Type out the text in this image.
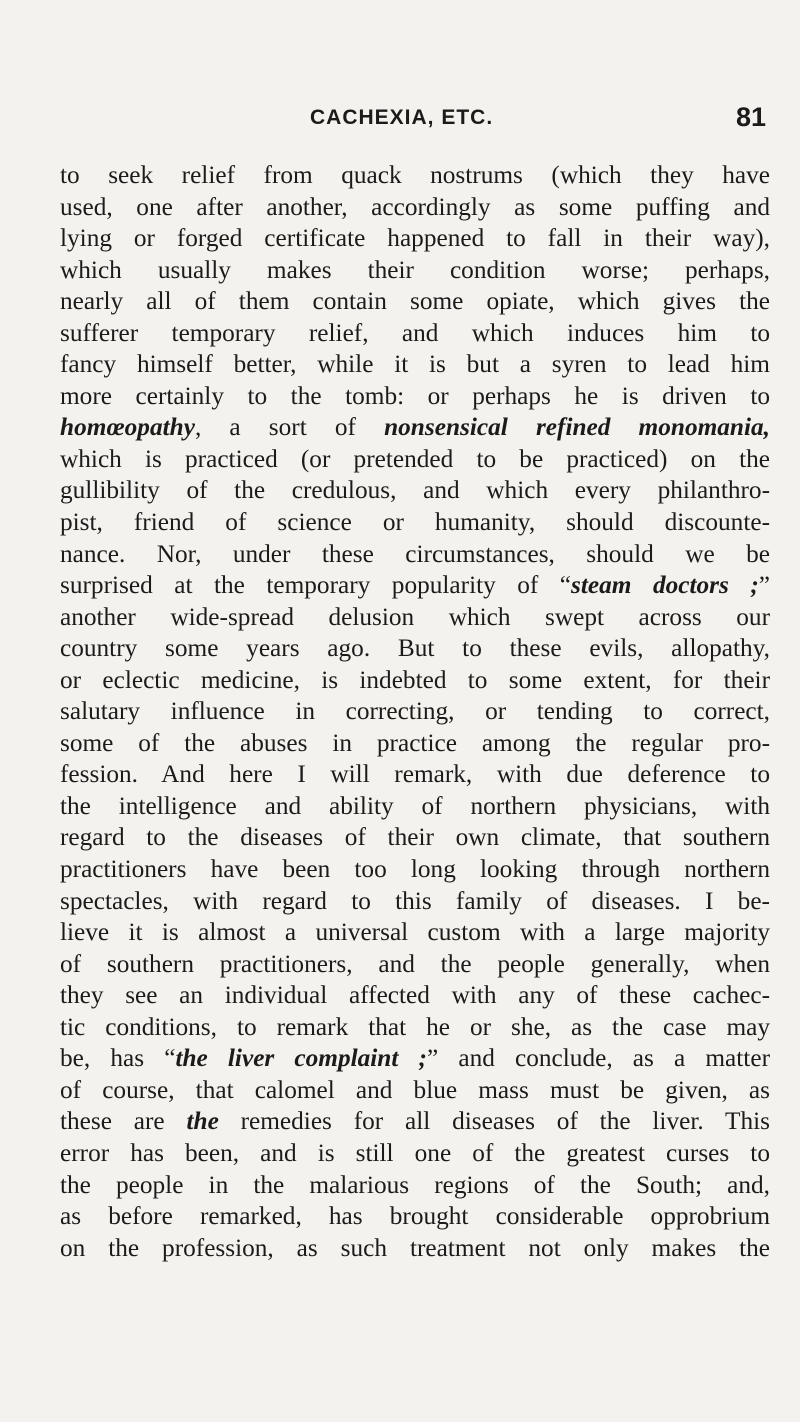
CACHEXIA, ETC.	81
to seek relief from quack nostrums (which they have
used, one after another, accordingly as some puffing and
lying or forged certificate happened to fall in their way),
which usually makes their condition worse; perhaps,
nearly all of them contain some opiate, which gives the
sufferer temporary relief, and which induces him to
fancy himself better, while it is but a syren to lead him
more certainly to the tomb: or perhaps he is driven to
homœopathy, a sort of nonsensical refined monomania,
which is practiced (or pretended to be practiced) on the
gullibility of the credulous, and which every philanthro-
pist, friend of science or humanity, should discounte-
nance. Nor, under these circumstances, should we be
surprised at the temporary popularity of “steam doctors ;”
another wide-spread delusion which swept across our
country some years ago. But to these evils, allopathy,
or eclectic medicine, is indebted to some extent, for their
salutary influence in correcting, or tending to correct,
some of the abuses in practice among the regular pro-
fession. And here I will remark, with due deference to
the intelligence and ability of northern physicians, with
regard to the diseases of their own climate, that southern
practitioners have been too long looking through northern
spectacles, with regard to this family of diseases. I be-
lieve it is almost a universal custom with a large majority
of southern practitioners, and the people generally, when
they see an individual affected with any of these cachec-
tic conditions, to remark that he or she, as the case may
be, has “the liver complaint ;” and conclude, as a matter
of course, that calomel and blue mass must be given, as
these are the remedies for all diseases of the liver. This
error has been, and is still one of the greatest curses to
the people in the malarious regions of the South; and,
as before remarked, has brought considerable opprobrium
on the profession, as such treatment not only makes the
